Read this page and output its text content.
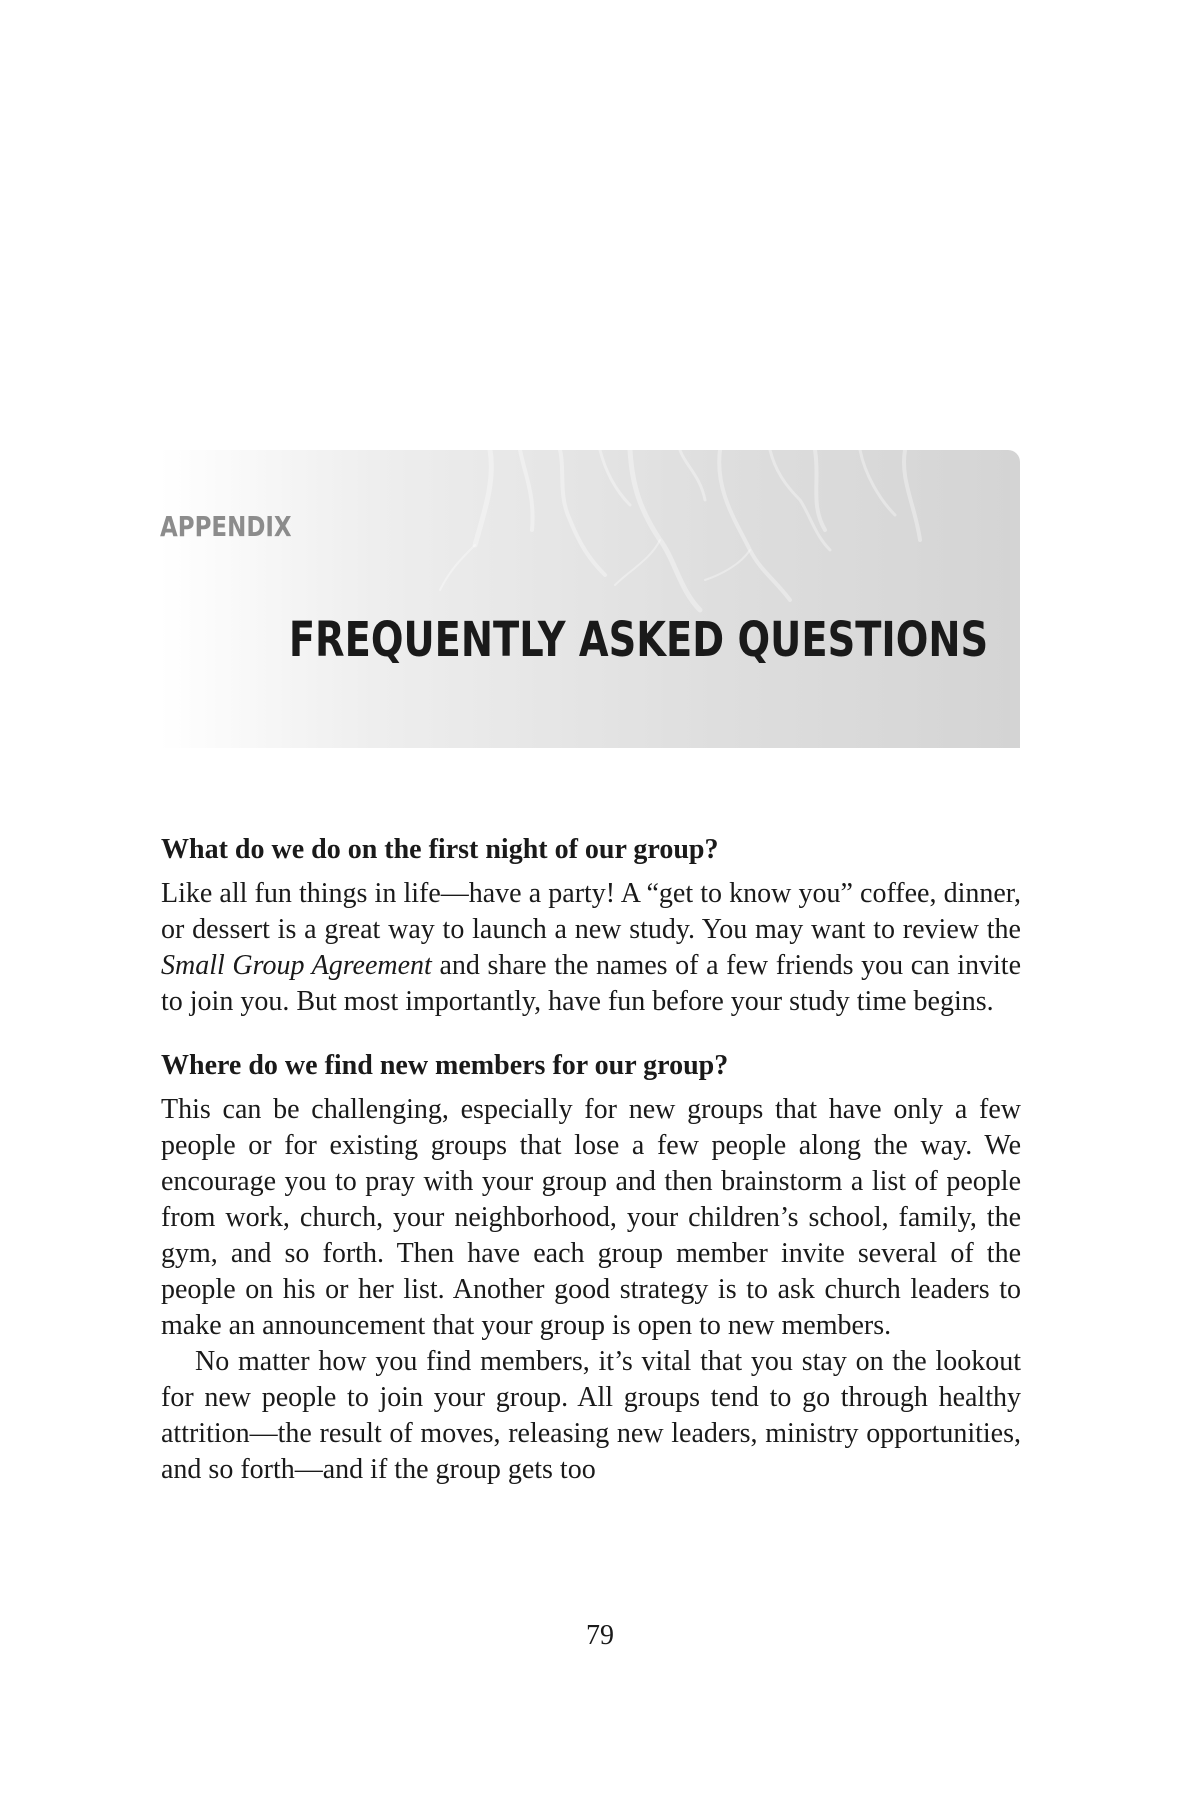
APPENDIX
FREQUENTLY ASKED QUESTIONS

What do we do on the first night of our group?

Like all fun things in life—have a party! A “get to know you” coffee, dinner, or dessert is a great way to launch a new study. You may want to review the Small Group Agreement and share the names of a few friends you can invite to join you. But most importantly, have fun before your study time begins.

Where do we find new members for our group?

This can be challenging, especially for new groups that have only a few people or for existing groups that lose a few people along the way. We encourage you to pray with your group and then brainstorm a list of people from work, church, your neighborhood, your children’s school, family, the gym, and so forth. Then have each group member invite several of the people on his or her list. Another good strategy is to ask church leaders to make an announcement that your group is open to new members.

No matter how you find members, it’s vital that you stay on the lookout for new people to join your group. All groups tend to go through healthy attrition—the result of moves, releasing new leaders, ministry opportunities, and so forth—and if the group gets too

79
